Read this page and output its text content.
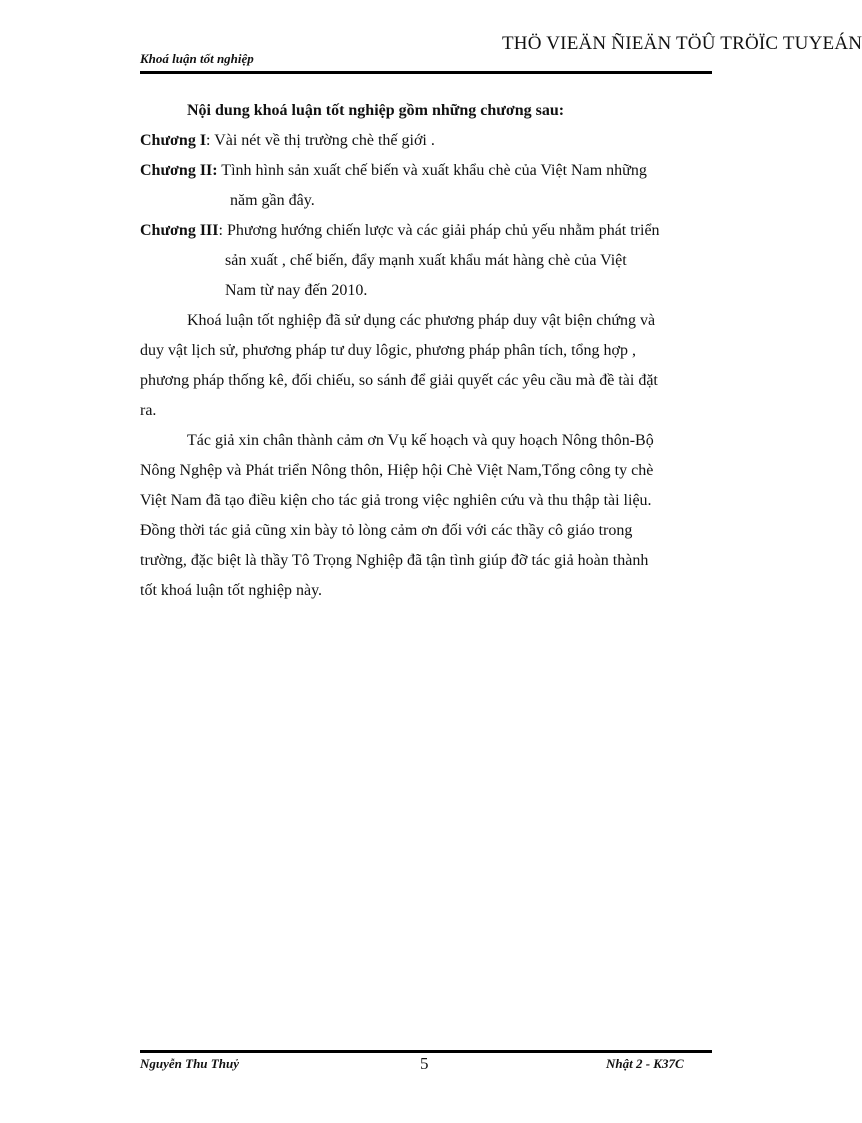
Khoá luận tốt nghiệp
THÖ VIEÄN ÑIEÄN TÖÛ TRÖÏC TUYEÁN
Nội dung khoá luận tốt nghiệp gồm những chương sau:
Chương I: Vài nét về thị trường chè thế giới .
Chương II: Tình hình sản xuất chế biến và xuất khẩu chè của Việt Nam những
năm gần đây.
Chương III: Phương hướng chiến lược và các giải pháp chủ yếu nhằm phát triển
sản xuất , chế biến, đẩy mạnh xuất khẩu mát hàng chè của Việt
Nam từ nay đến 2010.
Khoá luận tốt nghiệp đã sử dụng các phương pháp duy vật biện chứng và
duy vật lịch sử, phương pháp tư duy lôgic, phương pháp phân tích, tổng hợp ,
phương pháp thống kê, đối chiếu, so sánh để giải quyết các yêu cầu mà đề tài đặt
ra.
Tác giả xin chân thành cảm ơn Vụ kế hoạch và quy hoạch Nông thôn-Bộ
Nông Nghệp và Phát triển Nông thôn, Hiệp hội Chè Việt Nam,Tổng công ty chè
Việt Nam đã tạo điều kiện cho tác giả trong việc nghiên cứu và thu thập tài liệu.
Đồng thời tác giả cũng xin bày tỏ lòng cảm ơn đối với các thầy cô giáo trong
trường, đặc biệt là thầy Tô Trọng Nghiệp đã tận tình giúp đỡ tác giả hoàn thành
tốt khoá luận tốt nghiệp này.
Nguyễn Thu Thuỷ	5	Nhật 2 - K37C
